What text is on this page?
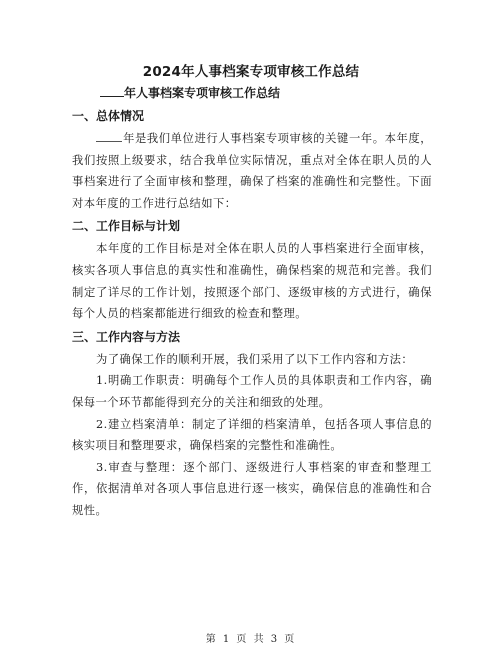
2024年人事档案专项审核工作总结
年人事档案专项审核工作总结
一、总体情况

年是我们单位进行人事档案专项审核的关键一年。本年度，我们按照上级要求，结合我单位实际情况，重点对全体在职人员的人事档案进行了全面审核和整理，确保了档案的准确性和完整性。下面对本年度的工作进行总结如下：

二、工作目标与计划

本年度的工作目标是对全体在职人员的人事档案进行全面审核，核实各项人事信息的真实性和准确性，确保档案的规范和完善。我们制定了详尽的工作计划，按照逐个部门、逐级审核的方式进行，确保每个人员的档案都能进行细致的检查和整理。

三、工作内容与方法

为了确保工作的顺利开展，我们采用了以下工作内容和方法：

1.明确工作职责：明确每个工作人员的具体职责和工作内容，确保每一个环节都能得到充分的关注和细致的处理。

2.建立档案清单：制定了详细的档案清单，包括各项人事信息的核实项目和整理要求，确保档案的完整性和准确性。

3.审查与整理：逐个部门、逐级进行人事档案的审查和整理工作，依据清单对各项人事信息进行逐一核实，确保信息的准确性和合规性。

第 1 页 共 3 页
